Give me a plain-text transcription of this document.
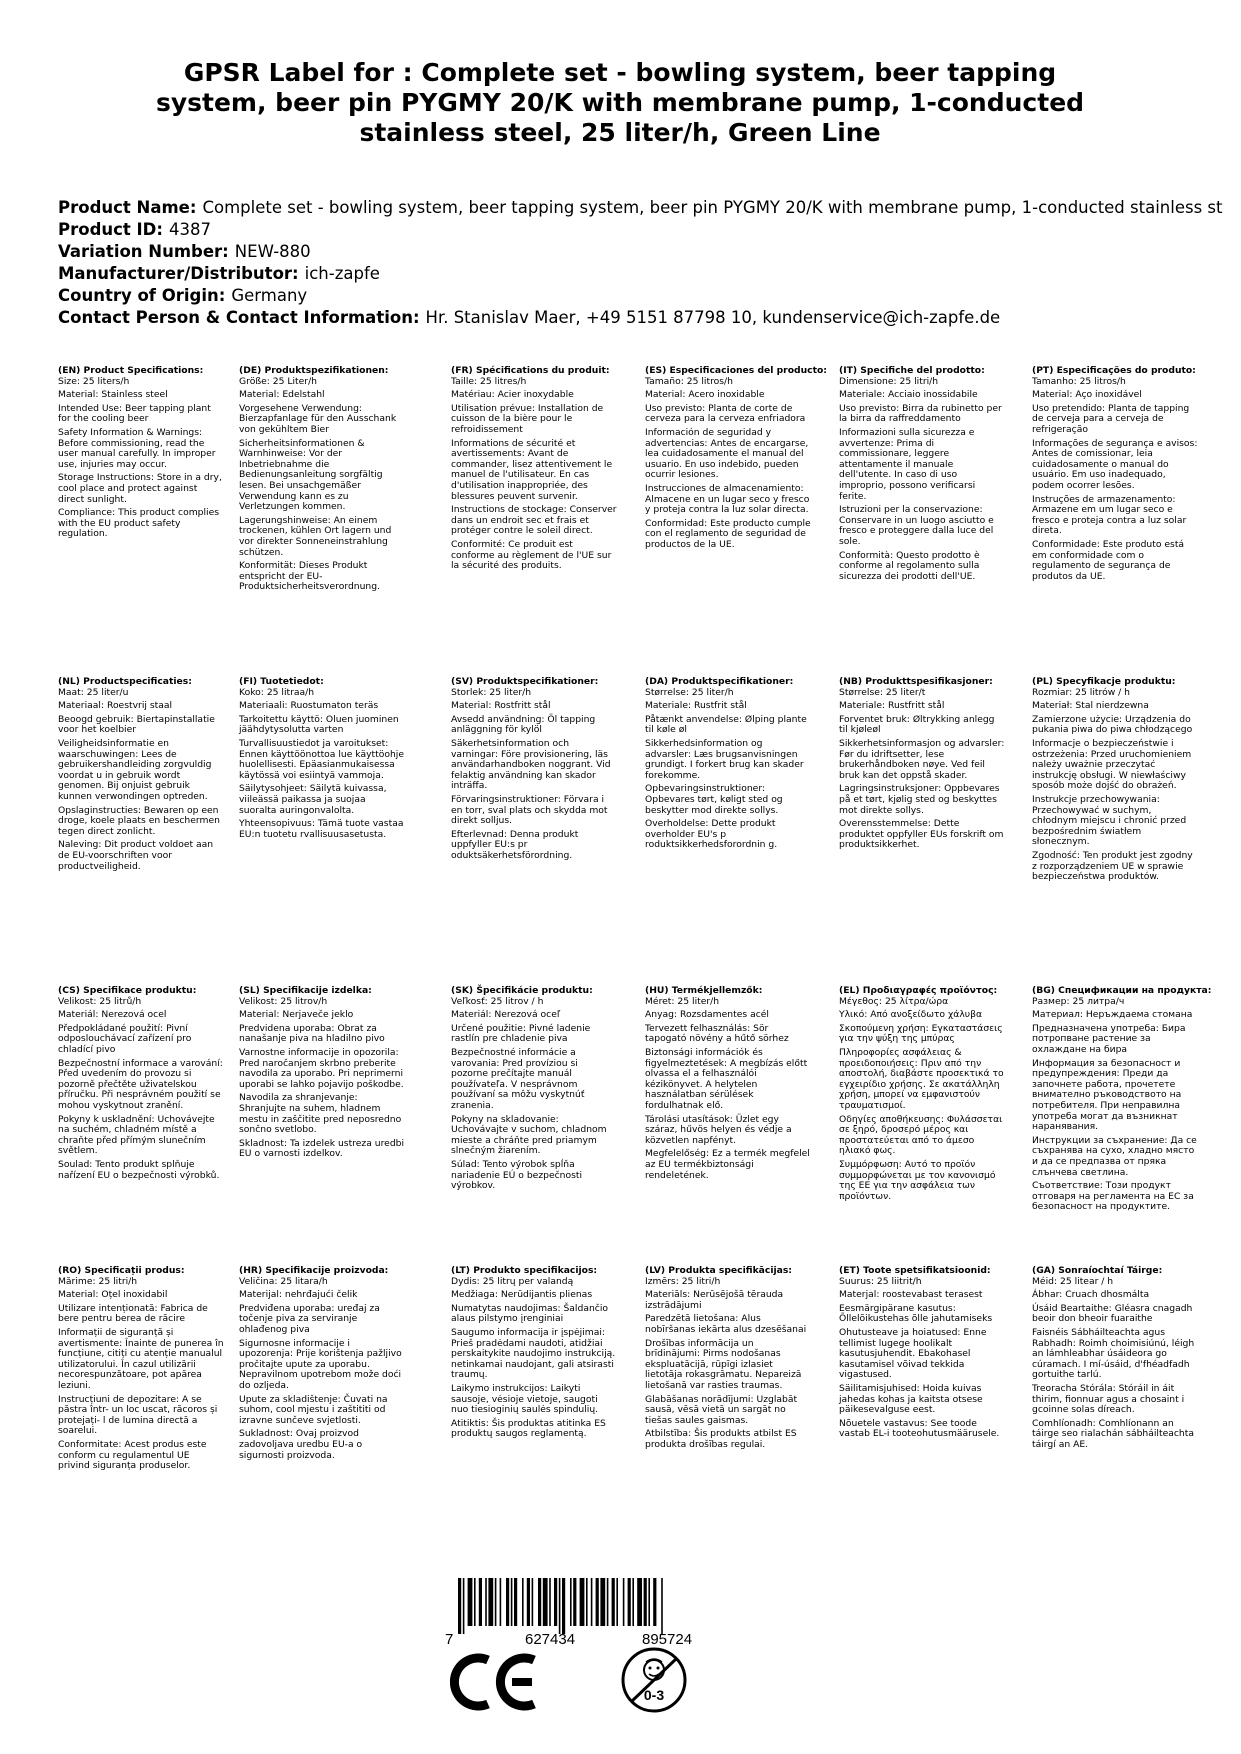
GPSR Label for : Complete set - bowling system, beer tapping
system, beer pin PYGMY 20/K with membrane pump, 1-conducted
stainless steel, 25 liter/h, Green Line
Product Name: Complete set - bowling system, beer tapping system, beer pin PYGMY 20/K with membrane pump, 1-conducted stainless st
Product ID: 4387
Variation Number: NEW-880
Manufacturer/Distributor: ich-zapfe
Country of Origin: Germany
Contact Person & Contact Information: Hr. Stanislav Maer, +49 5151 87798 10, kundenservice@ich-zapfe.de
(EN) Product Specifications:
Size: 25 liters/h
Material: Stainless steel
Intended Use: Beer tapping plant for the cooling beer
Safety Information & Warnings: Before commissioning, read the user manual carefully. In improper use, injuries may occur.
Storage Instructions: Store in a dry, cool place and protect against direct sunlight.
Compliance: This product complies with the EU product safety regulation.
(DE) Produktspezifikationen:
Größe: 25 Liter/h
Material: Edelstahl
Vorgesehene Verwendung: Bierzapfanlage für den Ausschank von gekühltem Bier
Sicherheitsinformationen & Warnhinweise: Vor der Inbetriebnahme die Bedienungsanleitung sorgfältig lesen. Bei unsachgemäßer Verwendung kann es zu Verletzungen kommen.
Lagerungshinweise: An einem trockenen, kühlen Ort lagern und vor direkter Sonneneinstrahlung schützen.
Konformität: Dieses Produkt entspricht der EU-Produktsicherheitsverordnung.
(FR) Spécifications du produit:
Taille: 25 litres/h
Matériau: Acier inoxydable
Utilisation prévue: Installation de cuisson de la bière pour le refroidissement
Informations de sécurité et avertissements: Avant de commander, lisez attentivement le manuel de l'utilisateur. En cas d'utilisation inappropriée, des blessures peuvent survenir.
Instructions de stockage: Conserver dans un endroit sec et frais et protéger contre le soleil direct.
Conformité: Ce produit est conforme au règlement de l'UE sur la sécurité des produits.
(ES) Especificaciones del producto:
Tamaño: 25 litros/h
Material: Acero inoxidable
Uso previsto: Planta de corte de cerveza para la cerveza enfriadora
Información de seguridad y advertencias: Antes de encargarse, lea cuidadosamente el manual del usuario. En uso indebido, pueden ocurrir lesiones.
Instrucciones de almacenamiento: Almacene en un lugar seco y fresco y proteja contra la luz solar directa.
Conformidad: Este producto cumple con el reglamento de seguridad de productos de la UE.
(IT) Specifiche del prodotto:
Dimensione: 25 litri/h
Materiale: Acciaio inossidabile
Uso previsto: Birra da rubinetto per la birra da raffreddamento
Informazioni sulla sicurezza e avvertenze: Prima di commissionare, leggere attentamente il manuale dell'utente. In caso di uso improprio, possono verificarsi ferite.
Istruzioni per la conservazione: Conservare in un luogo asciutto e fresco e proteggere dalla luce del sole.
Conformità: Questo prodotto è conforme al regolamento sulla sicurezza dei prodotti dell'UE.
(PT) Especificações do produto:
Tamanho: 25 litros/h
Material: Aço inoxidável
Uso pretendido: Planta de tapping de cerveja para a cerveja de refrigeração
Informações de segurança e avisos: Antes de comissionar, leia cuidadosamente o manual do usuário. Em uso inadequado, podem ocorrer lesões.
Instruções de armazenamento: Armazene em um lugar seco e fresco e proteja contra a luz solar direta.
Conformidade: Este produto está em conformidade com o regulamento de segurança de produtos da UE.
(NL) Productspecificaties:
Maat: 25 liter/u
Materiaal: Roestvrij staal
Beoogd gebruik: Biertapinstallatie voor het koelbier
Veiligheidsinformatie en waarschuwingen: Lees de gebruikershandleiding zorgvuldig voordat u in gebruik wordt genomen. Bij onjuist gebruik kunnen verwondingen optreden.
Opslaginstructies: Bewaren op een droge, koele plaats en beschermen tegen direct zonlicht.
Naleving: Dit product voldoet aan de EU-voorschriften voor productveiligheid.
(FI) Tuotetiedot:
Koko: 25 litraa/h
Materiaali: Ruostumaton teräs
Tarkoitettu käyttö: Oluen juominen jäähdytysolutta varten
Turvallisuustiedot ja varoitukset: Ennen käyttöönottoa lue käyttöohje huolellisesti. Epäasianmukaisessa käytössä voi esiintyä vammoja.
Säilytysohjeet: Säilytä kuivassa, viileässä paikassa ja suojaa suoralta auringonvalolta.
Yhteensopivuus: Tämä tuote vastaa EU:n tuotetu rvallisuusasetusta.
(SV) Produktspecifikationer:
Storlek: 25 liter/h
Material: Rostfritt stål
Avsedd användning: Öl tapping anläggning för kylöl
Säkerhetsinformation och varningar: Före provisionering, läs användarhandboken noggrant. Vid felaktig användning kan skador inträffa.
Förvaringsinstruktioner: Förvara i en torr, sval plats och skydda mot direkt solljus.
Efterlevnad: Denna produkt uppfyller EU:s pr oduktsäkerhetsförordning.
(DA) Produktspecifikationer:
Størrelse: 25 liter/h
Materiale: Rustfrit stål
Påtænkt anvendelse: Ølping plante til køle øl
Sikkerhedsinformation og advarsler: Læs brugsanvisningen grundigt. I forkert brug kan skader forekomme.
Opbevaringsinstruktioner: Opbevares tørt, køligt sted og beskytter mod direkte sollys.
Overholdelse: Dette produkt overholder EU's p roduktsikkerhedsforordnin g.
(NB) Produkttspesifikasjoner:
Størrelse: 25 liter/t
Materiale: Rustfritt stål
Forventet bruk: Øltrykking anlegg til kjøleøl
Sikkerhetsinformasjon og advarsler: Før du idriftsetter, lese brukerhåndboken nøye. Ved feil bruk kan det oppstå skader.
Lagringsinstruksjoner: Oppbevares på et tørt, kjølig sted og beskyttes mot direkte sollys.
Overensstemmelse: Dette produktet oppfyller EUs forskrift om produktsikkerhet.
(PL) Specyfikacje produktu:
Rozmiar: 25 litrów / h
Materiał: Stal nierdzewna
Zamierzone użycie: Urządzenia do pukania piwa do piwa chłodzącego
Informacje o bezpieczeństwie i ostrzeżenia: Przed uruchomieniem należy uważnie przeczytać instrukcję obsługi. W niewłaściwy sposób może dojść do obrażeń.
Instrukcje przechowywania: Przechowywać w suchym, chłodnym miejscu i chronić przed bezpośrednim światłem słonecznym.
Zgodność: Ten produkt jest zgodny z rozporządzeniem UE w sprawie bezpieczeństwa produktów.
(CS) Specifikace produktu:
Velikost: 25 litrů/h
Materiál: Nerezová ocel
Předpokládané použití: Pivní odposlouchávací zařízení pro chladící pivo
Bezpečnostní informace a varování: Před uvedením do provozu si pozorně přečtěte uživatelskou příručku. Při nesprávném použití se mohou vyskytnout zranění.
Pokyny k uskladnění: Uchovávejte na suchém, chladném místě a chraňte před přímým slunečním světlem.
Soulad: Tento produkt splňuje nařízení EU o bezpečnosti výrobků.
(SL) Specifikacije izdelka:
Velikost: 25 litrov/h
Material: Nerjaveče jeklo
Predvidena uporaba: Obrat za nanašanje piva na hladilno pivo
Varnostne informacije in opozorila: Pred naročanjem skrbno preberite navodila za uporabo. Pri neprimerni uporabi se lahko pojavijo poškodbe.
Navodila za shranjevanje: Shranjujte na suhem, hladnem mestu in zaščitite pred neposredno sončno svetlobo.
Skladnost: Ta izdelek ustreza uredbi EU o varnosti izdelkov.
(SK) Špecifikácie produktu:
Veľkosť: 25 litrov / h
Materiál: Nerezová oceľ
Určené použitie: Pivné ladenie rastlín pre chladenie piva
Bezpečnostné informácie a varovania: Pred províziou si pozorne prečítajte manuál používateľa. V nesprávnom používaní sa môžu vyskytnúť zranenia.
Pokyny na skladovanie: Uchovávajte v suchom, chladnom mieste a chráňte pred priamym slnečným žiarením.
Súlad: Tento výrobok spĺňa nariadenie EÚ o bezpečnosti výrobkov.
(HU) Termékjellemzők:
Méret: 25 liter/h
Anyag: Rozsdamentes acél
Tervezett felhasználás: Sör tapogató növény a hűtő sörhez
Biztonsági információk és figyelmeztetések: A megbízás előtt olvassa el a felhasználói kézikönyvet. A helytelen használatban sérülések fordulhatnak elő.
Tárolási utasítások: Üzlet egy száraz, hűvös helyen és védje a közvetlen napfényt.
Megfelelőség: Ez a termék megfelel az EU termékbiztonsági rendeletének.
(EL) Προδιαγραφές προϊόντος:
Μέγεθος: 25 λίτρα/ώρα
Υλικό: Από ανοξείδωτο χάλυβα
Σκοπούμενη χρήση: Εγκαταστάσεις για την ψύξη της μπύρας
Πληροφορίες ασφάλειας & προειδοποιήσεις: Πριν από την αποστολή, διαβάστε προσεκτικά το εγχειρίδιο χρήσης. Σε ακατάλληλη χρήση, μπορεί να εμφανιστούν τραυματισμοί.
Οδηγίες αποθήκευσης: Φυλάσσεται σε ξηρό, δροσερό μέρος και προστατεύεται από το άμεσο ηλιακό φως.
Συμμόρφωση: Αυτό το προϊόν συμμορφώνεται με τον κανονισμό της ΕΕ για την ασφάλεια των προϊόντων.
(BG) Спецификации на продукта:
Размер: 25 литра/ч
Материал: Неръждаема стомана
Предназначена употреба: Бира потропване растение за охлаждане на бира
Информация за безопасност и предупреждения: Преди да започнете работа, прочетете внимателно ръководството на потребителя. При неправилна употреба могат да възникнат наранявания.
Инструкции за съхранение: Да се съхранява на сухо, хладно място и да се предпазва от пряка слънчева светлина.
Съответствие: Този продукт отговаря на регламента на ЕС за безопасност на продуктите.
(RO) Specificații produs:
Mărime: 25 litri/h
Material: Oțel inoxidabil
Utilizare intenționată: Fabrica de bere pentru berea de răcire
Informații de siguranță și avertismente: Înainte de punerea în funcțiune, citiți cu atenție manualul utilizatorului. În cazul utilizării necorespunzătoare, pot apărea leziuni.
Instrucțiuni de depozitare: A se păstra într- un loc uscat, răcoros și protejați- l de lumina directă a soarelui.
Conformitate: Acest produs este conform cu regulamentul UE privind siguranța produselor.
(HR) Specifikacije proizvoda:
Veličina: 25 litara/h
Materijal: nehrđajući čelik
Predviđena uporaba: uređaj za točenje piva za serviranje ohlađenog piva
Sigurnosne informacije i upozorenja: Prije korištenja pažljivo pročitajte upute za uporabu. Nepravilnom upotrebom može doći do ozljeda.
Upute za skladištenje: Čuvati na suhom, cool mjestu i zaštititi od izravne sunčeve svjetlosti.
Sukladnost: Ovaj proizvod zadovoljava uredbu EU-a o sigurnosti proizvoda.
(LT) Produkto specifikacijos:
Dydis: 25 litrų per valandą
Medžiaga: Nerūdijantis plienas
Numatytas naudojimas: Šaldančio alaus pilstymo įrenginiai
Saugumo informacija ir įspėjimai: Prieš pradėdami naudoti, atidžiai perskaitykite naudojimo instrukciją. netinkamai naudojant, gali atsirasti traumų.
Laikymo instrukcijos: Laikyti sausoje, vėsioje vietoje, saugoti nuo tiesioginių saulės spindulių.
Atitiktis: Šis produktas atitinka ES produktų saugos reglamentą.
(LV) Produkta specifikācijas:
Izmērs: 25 litri/h
Materiāls: Nerūsējošā tērauda izstrādājumi
Paredzētā lietošana: Alus nobīršanas iekārta alus dzesēšanai
Drošības informācija un brīdinājumi: Pirms nodošanas ekspluatācijā, rūpīgi izlasiet lietotāja rokasgrāmatu. Nepareizā lietošanā var rasties traumas.
Glabāšanas norādījumi: Uzglabāt sausā, vēsā vietā un sargāt no tiešas saules gaismas.
Atbilstība: Šis produkts atbilst ES produkta drošības regulai.
(ET) Toote spetsifikatsioonid:
Suurus: 25 liitrit/h
Materjal: roostevabast terasest
Eesmärgipärane kasutus: Õllelõikustehas õlle jahutamiseks
Ohutusteave ja hoiatused: Enne tellimist lugege hoolikalt kasutusjuhendit. Ebakohasel kasutamisel võivad tekkida vigastused.
Säilitamisjuhised: Hoida kuivas jahedas kohas ja kaitsta otsese päikesevalguse eest.
Nõuetele vastavus: See toode vastab EL-i tooteohutusmäärusele.
(GA) Sonraíochtaí Táirge:
Méid: 25 litear / h
Ábhar: Cruach dhosmálta
Úsáid Beartaithe: Gléasra cnagadh beoir don bheoir fuaraithe
Faisnéis Sábháilteachta agus Rabhadh: Roimh choimisiúnú, léigh an lámhleabhar úsáideora go cúramach. I mí-úsáid, d'fhéadfadh gortuithe tarlú.
Treoracha Stórála: Stóráil in áit thirim, fionnuar agus a chosaint i gcoinne solas díreach.
Comhlíonadh: Comhlíonann an táirge seo rialachán sábháilteachta táirgí an AE.
7	627434	895724
0-3
